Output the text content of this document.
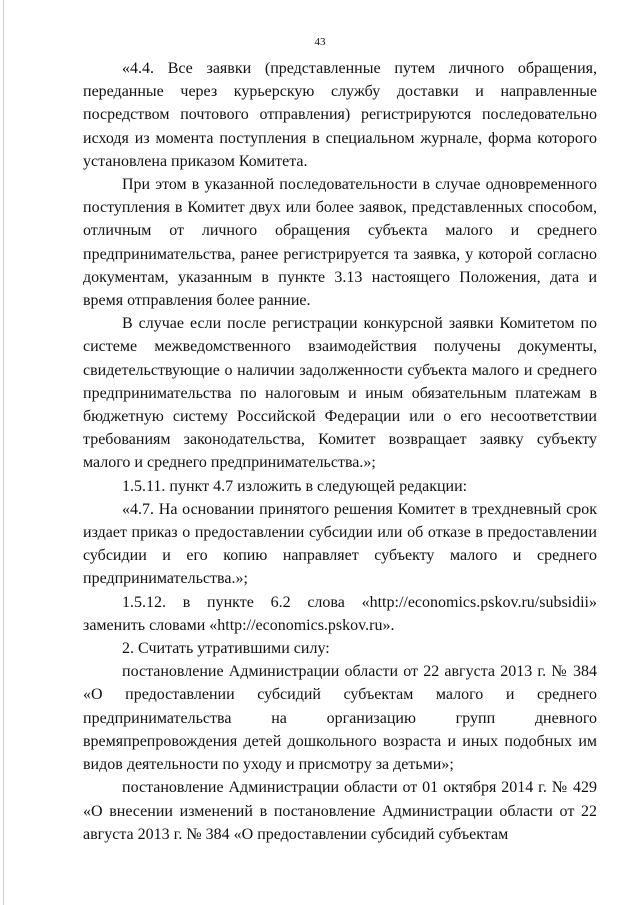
43

«4.4. Все заявки (представленные путем личного обращения, переданные через курьерскую службу доставки и направленные посредством почтового отправления) регистрируются последовательно исходя из момента поступления в специальном журнале, форма которого установлена приказом Комитета.

При этом в указанной последовательности в случае одновременного поступления в Комитет двух или более заявок, представленных способом, отличным от личного обращения субъекта малого и среднего предпринимательства, ранее регистрируется та заявка, у которой согласно документам, указанным в пункте 3.13 настоящего Положения, дата и время отправления более ранние.

В случае если после регистрации конкурсной заявки Комитетом по системе межведомственного взаимодействия получены документы, свидетельствующие о наличии задолженности субъекта малого и среднего предпринимательства по налоговым и иным обязательным платежам в бюджетную систему Российской Федерации или о его несоответствии требованиям законодательства, Комитет возвращает заявку субъекту малого и среднего предпринимательства.»;

1.5.11. пункт 4.7 изложить в следующей редакции:

«4.7. На основании принятого решения Комитет в трехдневный срок издает приказ о предоставлении субсидии или об отказе в предоставлении субсидии и его копию направляет субъекту малого и среднего предпринимательства.»;

1.5.12. в пункте 6.2 слова «http://economics.pskov.ru/subsidii» заменить словами «http://economics.pskov.ru».

2. Считать утратившими силу:

постановление Администрации области от 22 августа 2013 г. № 384 «О предоставлении субсидий субъектам малого и среднего предпринимательства на организацию групп дневного времяпрепровождения детей дошкольного возраста и иных подобных им видов деятельности по уходу и присмотру за детьми»;

постановление Администрации области от 01 октября 2014 г. № 429 «О внесении изменений в постановление Администрации области от 22 августа 2013 г. № 384 «О предоставлении субсидий субъектам
